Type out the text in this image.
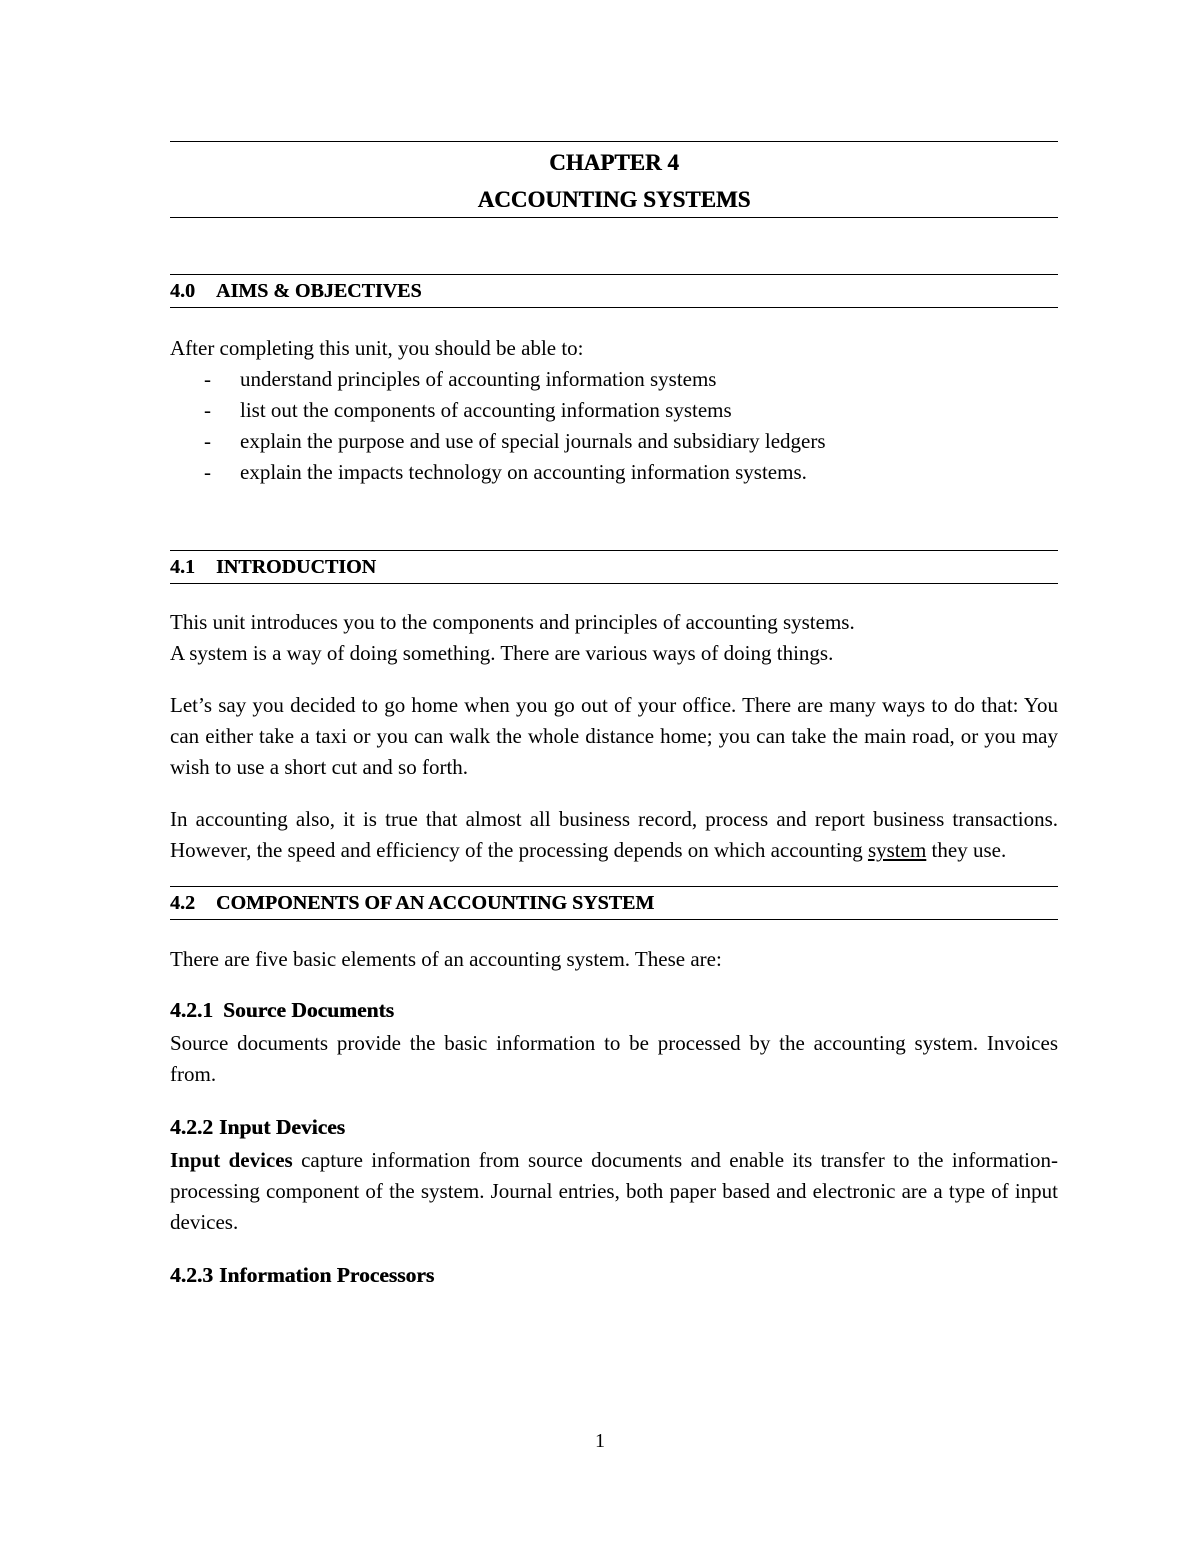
CHAPTER 4
ACCOUNTING SYSTEMS
4.0 AIMS & OBJECTIVES

After completing this unit, you should be able to:

- understand principles of accounting information systems
- list out the components of accounting information systems
- explain the purpose and use of special journals and subsidiary ledgers
- explain the impacts technology on accounting information systems.
4.1 INTRODUCTION

This unit introduces you to the components and principles of accounting systems.

A system is a way of doing something. There are various ways of doing things.

Let’s say you decided to go home when you go out of your office. There are many ways to do that: You can either take a taxi or you can walk the whole distance home; you can take the main road, or you may wish to use a short cut and so forth.

In accounting also, it is true that almost all business record, process and report business transactions. However, the speed and efficiency of the processing depends on which accounting system they use.

4.2 COMPONENTS OF AN ACCOUNTING SYSTEM

There are five basic elements of an accounting system. These are:

4.2.1 Source Documents

Source documents provide the basic information to be processed by the accounting system. Invoices from.

4.2.2 Input Devices

Input devices capture information from source documents and enable its transfer to the information-processing component of the system. Journal entries, both paper based and electronic are a type of input devices.

4.2.3 Information Processors
1
